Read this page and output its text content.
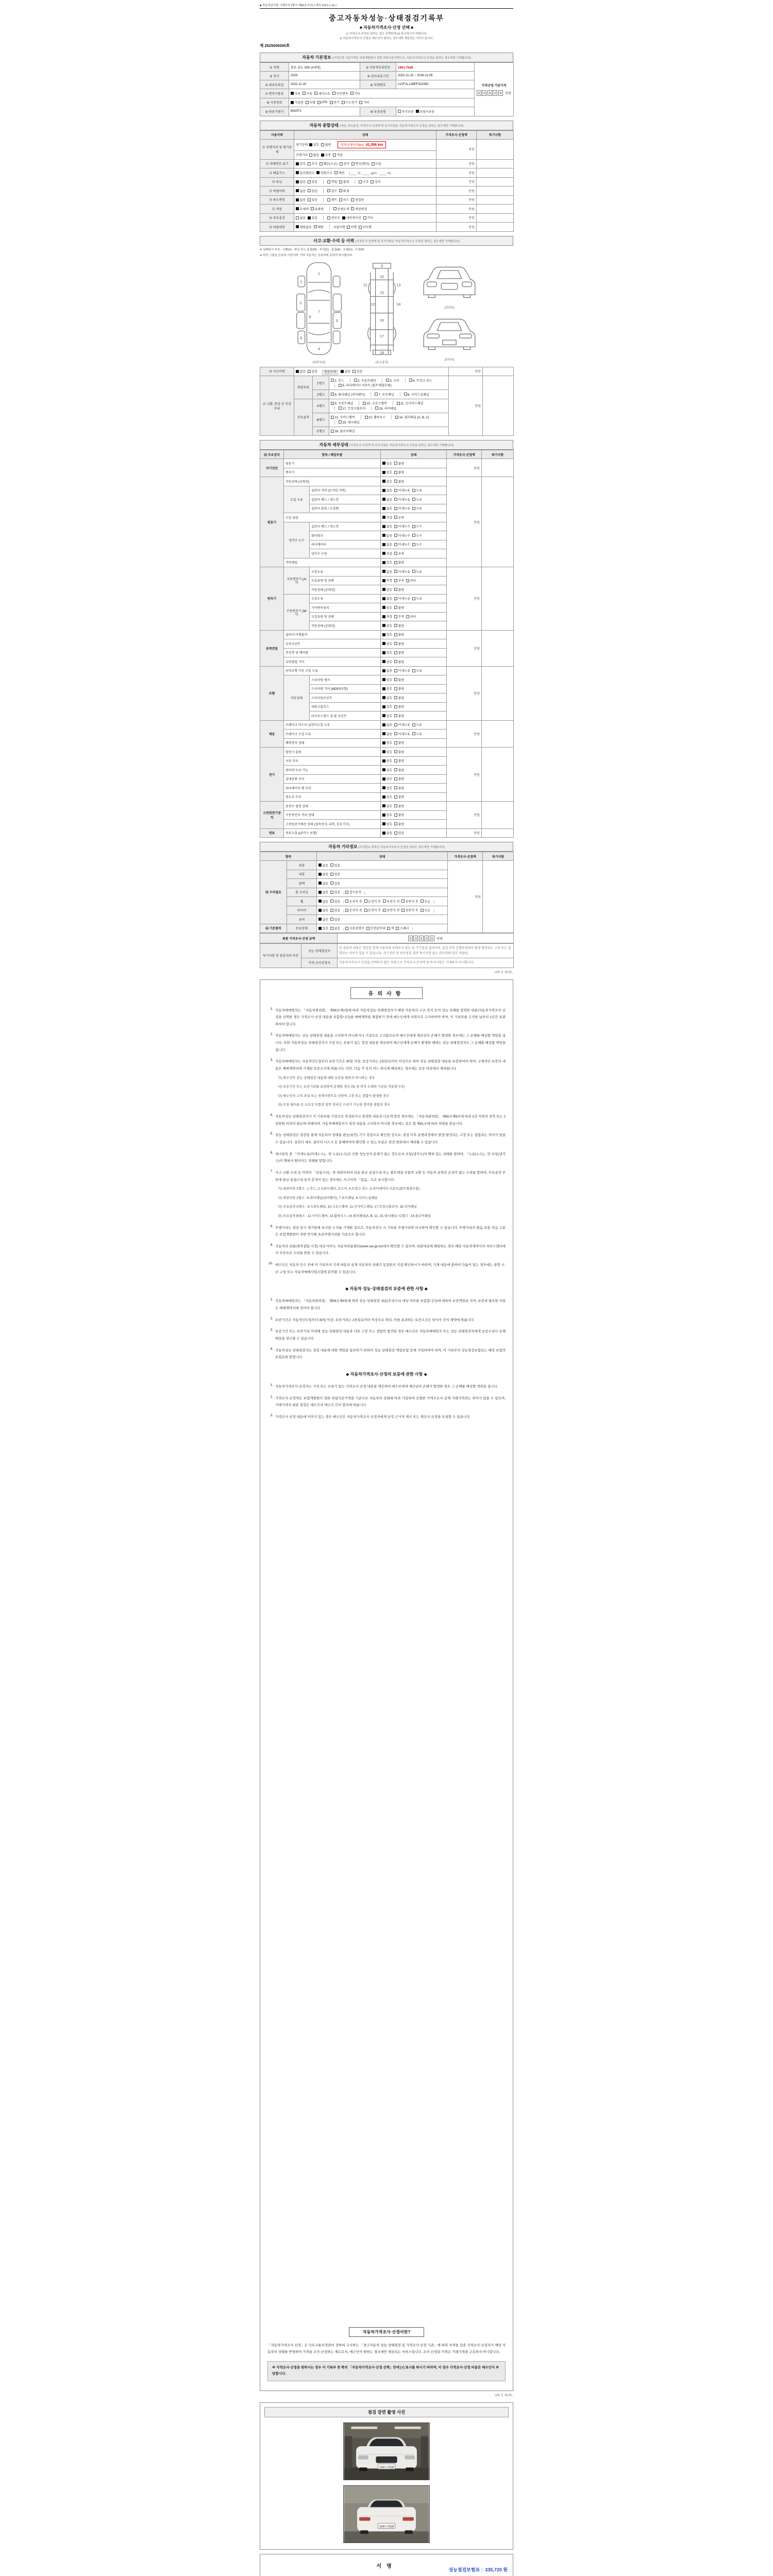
■ 자동차관리법 시행규칙 [별지 제82호서식] <개정 2021.1.19.>
중고자동차성능·상태점검기록부
■ 자동차가격조사·산정 선택 ■
① 가격조사·산정을 원하는 경우 선택란에 [√] 표시하시기 바랍니다.
※ 자동차가격조사·산정은 매수인이 원하는 경우에만 제공되는 서비스입니다.
제 2525008300호
자동차 기본정보 (가격산정 기준가격은 보험개발원이 정한 차량기준가액으로, 자동차가격조사·산정을 원하는 경우에만 기재합니다)
① 차명	볼보 올뉴 S90 (4세대)	② 자동차등록번호	194노7528	
가격산정 기준가격
0	0	0	0	0	만원

③ 연식	2023	④ 검사유효기간	2022-11-10 ~ 2026-11-09	
⑤ 최초등록일	2022-11-10	⑥ 차대번호	LVVF1L12BPF322550	
⑦ 변속기종류	자동 수동 세미오토 무단변속 기타			

⑧ 사용연료	가솔린 디젤 LPG 전기 수소전기 기타

⑨ 원동기형식	B420T2	⑩ 보증유형	자가보증 보험사보증	
자동차 종합상태 (색상, 주요옵션, 가격조사·산정액 및 특기사항은 자동차가격조사·산정을 원하는 경우에만 기재합니다)
사용이력	상태	가격조사·산정액	특기사항
⑪ 주행거리 및 계기상태	계기상태 양호 불량 현재 주행거리(km) 41,056 km	만원	

	주행거리 많음 보통 적음		

⑫ 차대번호 표기	양호 부식 훼손(오손) 상이 변조(변타) 도말	만원	
⑬ 배출가스	일산화탄소 탄화수소 매연 (____ % , ____ ppm , ____ %)	만원	
⑭ 튜닝	없음 있음	적법 불법	구조 장치	만원	
⑮ 특별이력	없음 있음 침수 화재	만원	
⑯ 용도변경	없음 있음 렌트 리스 영업용	만원	
⑰ 색상	무채색 유채색 전체도색 색상변경	만원	
⑱ 주요옵션	없음 있음 썬루프 네비게이션 기타	만원	
⑲ 리콜대상	해당없음 해당 리콜이행 이행 미이행	만원	
사고·교환·수리 등 이력 (가격조사·산정액 및 특기사항은 자동차가격조사·산정을 원하는 경우에만 기재합니다)
※ 상태표시 부호 : 교환(X) · 판금 또는 용접(W) · 부식(C) · 흠집(A) · 요철(U) · 도장(P)
※ 하단 그림은 승용차 기준이며, 기타 자동차는 승용차에 준하여 표시합니다.
1
2
3
3
4
6
7
8
[외판부위]
9
10
11
12
13
14
15
16
17
18
[주요골격]
[전면부]
[후면부]
⑳ 사고이력	없음 있음 단순수리 없음 있음			만원	
㉑ 교환, 판금 등 이상 부위	외판부위	1랭크	1. 후드 2. 프론트펜더 3. 도어 4. 트렁크 리드
5. 라디에이터 서포트 (볼트체결부품)	만원	
		2랭크	6. 쿼터패널 (리어펜더) 7. 루프패널 8. 사이드실패널		

	주요골격	A랭크	9. 프론트패널 10. 크로스멤버 11. 인사이드패널
17. 트렁크플로어 18. 리어패널		

		B랭크	12. 사이드멤버 13. 휠하우스 14. 필러패널 (A, B, C)
15. 대시패널		

		C랭크	16. 플로어패널		
자동차 세부상태 (가격조사·산정액 및 특기사항은 자동차가격조사·산정을 원하는 경우에만 기재합니다)
㉒ 주요장치	항목 / 해당부품		상태	가격조사·산정액	특기사항
자기진단	원동기		양호 불량	만원	
	변속기		양호 불량		

원동기	작동상태 (공회전)		양호 불량	만원	
	오일 누유	실린더 커버 (로커암 커버)	없음 미세누유 누유		

		실린더 헤드 / 개스킷	없음 미세누유 누유		

		실린더 블록 / 오일팬	없음 미세누유 누유		

	오일 유량		적정 부족		

	냉각수 누수	실린더 헤드 / 개스킷	없음 미세누수 누수		

		워터펌프	없음 미세누수 누수		

		라디에이터	없음 미세누수 누수		

		냉각수 수량	적정 부족		

	커먼레일		양호 불량		

변속기	자동변속기 (A/T)	오일누유	없음 미세누유 누유	만원	
		오일유량 및 상태	적정 부족 과다		

		작동상태 (공회전)	양호 불량		

	수동변속기 (M/T)	오일누유	없음 미세누유 누유		

		기어변속장치	양호 불량		

		오일유량 및 상태	적정 부족 과다		

		작동상태 (공회전)	양호 불량		

동력전달	클러치 어셈블리		양호 불량	만원	
	등속조인트		양호 불량		

	추진축 및 베어링		양호 불량		

	디퍼렌셜 기어		양호 불량		

조향	동력조향 작동 오일 누유		없음 미세누유 누유	만원	
	작동상태	스티어링 펌프	양호 불량		

		스티어링 기어 (MDPS포함)	양호 불량		

		스티어링조인트	양호 불량		

		파워고압호스	양호 불량		

		타이로드엔드 및 볼 조인트	양호 불량		

제동	브레이크 마스터 실린더오일 누유		없음 미세누유 누유	만원	
	브레이크 오일 누유		없음 미세누유 누유		

	배력장치 상태		양호 불량		

전기	발전기 출력		양호 불량	만원	
	시동 모터		양호 불량		

	와이퍼 모터 기능		양호 불량		

	실내송풍 모터		양호 불량		

	라디에이터 팬 모터		양호 불량		

	윈도우 모터		양호 불량		

고전원전기장치	충전구 절연 상태		양호 불량	만원	
	구동축전지 격리 상태		양호 불량		

	고전원전기배선 상태 (접속단자, 피복, 보호기구)		양호 불량		

연료	연료누출 (LP가스 포함)		없음 있음	만원	
자동차 기타정보 (수리필요 항목은 자동차가격조사·산정을 원하는 경우에만 기재합니다)
항목		상태	가격조사·산정액	특기사항
㉓ 수리필요	외장	없음 있음	만원	
	내장	없음 있음		

	광택	없음 있음		

	룸 크리닝	없음 있음 ( 침수흔적 )		
휠	없음 있음 ( 운전석 전 운전석 후 동반석 전 동반석 후 응급 )
타이어	없음 있음 ( 운전석 전 운전석 후 동반석 전 동반석 후 응급 )
	유리	없음 있음		

㉔ 기본품목	보유상태	있음 없음 ( 사용설명서 안전삼각대 잭 스패너 )
최종 가격조사·산정 금액	0	0	0	0	0	만원
특기사항 및 점검자의 의견	성능·상태점검자	본 점검의 내용은 점검일 현재 자동차의 상태로서 관능 및 기기점검 결과이며, 점검 이후 운행과정에서 발생·발견되는 고장 또는 결함과는 차이가 있을 수 있습니다. 자기진단 및 육안점검 결과 특이사항 없는 관리상태 양호 차량임.
	가격·조사산정자	자동차가격조사·산정을 선택하지 않은 차량으로 가격조사·산정액 및 특기사항은 기재하지 아니합니다.
(4쪽 중 제1쪽)
유의사항
1. 자동차매매업자는 「자동차관리법」 제58조제1항에 따라 자동차성능·상태점검자가 해당 자동차의 구조·장치 등의 성능·상태를 점검한 내용(자동차가격조사·산정을 선택한 경우 가격조사·산정 내용을 포함합니다)을 매매계약을 체결하기 전에 매수인에게 서면으로 고지하여야 하며, 이 기록부를 고지한 날부터 1년간 보관하여야 합니다.
2. 자동차매매업자는 성능·상태점검 내용을 고지하지 아니하거나 거짓으로 고지함으로써 매수인에게 재산상의 손해가 발생한 경우에는 그 손해를 배상할 책임을 집니다. 또한 자동차성능·상태점검자가 거짓 또는 오류가 있는 점검 내용을 제공하여 매수인에게 손해가 발생한 때에는 성능·상태점검자도 그 손해를 배상할 책임을 집니다.
3. 자동차매매업자는 자동차인도일부터 보증기간은 30일 이상, 보증거리는 2천킬로미터 이상으로 하여 성능·상태점검 내용을 보증하여야 하며, 구체적인 보증의 내용은 매매계약서에 기재된 보증조건에 따릅니다. 다만, 다음 각 목의 어느 하나에 해당하는 경우에는 보증 대상에서 제외됩니다.
가) 매수인이 성능·상태점검 내용에 대한 보증을 원하지 아니하는 경우
나) 보증기간 또는 보증거리를 초과하여 운행한 경우 (둘 중 먼저 도래한 기준을 적용합니다)
다) 매수인의 고의·과실 또는 천재지변으로 인하여 고장 또는 결함이 발생한 경우
라) 오일·필터류 등 소모성 부품과 일반 정비로 수리가 가능한 경미한 결함의 경우
4. 자동차성능·상태점검자가 이 기록부를 거짓으로 작성하거나 점검한 내용과 다르게 알린 경우에는 「자동차관리법」 제80조제6호에 따라 2년 이하의 징역 또는 2천만원 이하의 벌금에 처해지며, 자동차매매업자가 점검 내용을 고지하지 아니한 경우에는 같은 법 제81조에 따라 처벌을 받습니다.
5. 성능·상태점검은 점검일 현재 자동차의 상태를 관능(육안)·기기 점검으로 확인한 것으로, 점검 이후 운행과정에서 발생·발견되는 고장 또는 결함과는 차이가 있을 수 있습니다. 실린더 내부, 클러치 디스크 등 분해하여야 확인할 수 있는 부분은 점검 범위에서 제외될 수 있습니다.
6. 체크항목 중 「미세누유(미세누수)」란 누유(누수)로 인한 성능상의 문제가 없는 정도로서 오일(냉각수)이 맺혀 있는 상태를 말하며, 「누유(누수)」란 오일(냉각수)이 맺혀서 떨어지는 상태를 말합니다.
7. 사고·교환·수리 등 이력의 「단순수리」란 외판부위의 단순 판금·용접수리 또는 볼트체결 부품의 교환 등 자동차 골격의 손상이 없는 수리를 말하며, 주요골격 부위에 판금·용접수리 등의 흔적이 있는 경우에는 사고이력 「있음」으로 표시합니다.
가) 외판부위 1랭크 : 1.후드, 2.프론트펜더, 3.도어, 4.트렁크 리드, 5.라디에이터 서포트(볼트체결부품)
나) 외판부위 2랭크 : 6.쿼터패널(리어펜더), 7.루프패널, 8.사이드실패널
다) 주요골격 A랭크 : 9.프론트패널, 10.크로스멤버, 11.인사이드패널, 17.트렁크플로어, 18.리어패널
라) 주요골격 B랭크 : 12.사이드멤버, 13.휠하우스, 14.필러패널(A, B, C), 15.대시패널 / C랭크 : 16.플로어패널
8. 주행거리는 점검 당시 계기판에 표시된 수치를 기재한 것으로, 자동차검사 시 기록된 주행거리와 비교하여 확인할 수 있습니다. 주행거리의 많음·보통·적음 구분은 보험개발원이 정한 연식별 표준주행거리를 기준으로 합니다.
9. 자동차의 리콜(제작결함 시정) 대상 여부는 자동차리콜센터(www.car.go.kr)에서 확인할 수 있으며, 리콜대상에 해당하는 경우 해당 자동차제작사의 서비스센터에서 무상으로 수리를 받을 수 있습니다.
10. 매수인은 자동차 인수 전에 이 기록부의 기재 내용과 실제 자동차의 상태가 동일한지 직접 확인하시기 바라며, 기재 내용에 관하여 다툼이 있는 경우에는 관할 시·군·구청 또는 자동차매매사업조합에 문의할 수 있습니다.
◆ 자동차 성능·상태점검의 보증에 관한 사항 ◆
1. 자동차매매업자는 「자동차관리법」 제58조제4항에 따라 성능·상태점검 내용(무상수리 대상 여부를 포함합니다)에 대하여 보증책임을 지며, 보증에 필요한 사항은 매매계약서에 적어야 합니다.
2. 보증기간은 자동차인도일부터 30일 이상, 보증거리는 2천킬로미터 이상으로 하되, 이를 초과하는 보증조건은 당사자 간의 계약에 따릅니다.
3. 보증기간 또는 보증거리 이내에 성능·상태점검 내용과 다른 고장 또는 결함이 발견된 경우 매수인은 자동차매매업자 또는 성능·상태점검자에게 보증수리나 손해배상을 청구할 수 있습니다.
4. 자동차성능·상태점검자는 점검 내용에 대한 책임을 담보하기 위하여 성능·상태점검 책임보험 등에 가입하여야 하며, 이 기록부의 성능점검보험료는 해당 보험의 보험료를 말합니다.
◆ 자동차가격조사·산정의 보증에 관한 사항 ◆
1. 자동차가격조사·산정자는 거짓 또는 오류가 있는 가격조사·산정 내용을 제공하여 매수인에게 재산상의 손해가 발생한 경우 그 손해를 배상할 책임을 집니다.
2. 가격조사·산정액은 보험개발원이 정한 차량기준가액을 기준으로 자동차의 상태에 따라 가감하여 산출한 가액으로서 실제 거래가격과는 차이가 있을 수 있으며, 거래가격의 최종 결정은 매도인과 매수인 간의 합의에 따릅니다.
3. 가격조사·산정 내용에 이의가 있는 경우 매수인은 자동차가격조사·산정자에게 산정 근거의 제시 또는 재조사·산정을 요청할 수 있습니다.
자동차가격조사·산정이란?
「자동차가격조사·산정」은 국토교통부장관이 정하여 고시하는 「중고자동차 성능·상태점검 및 가격조사·산정 기준」에 따라 자격을 갖춘 가격조사·산정자가 해당 자동차의 상태를 반영하여 가격을 조사·산정하는 제도로서, 매수인이 원하는 경우에만 제공되는 서비스입니다. 조사·산정된 가격은 거래가격을 구속하지 아니합니다.
※ 가격조사·산정을 원하시는 경우 이 기록부 첫 쪽의 「자동차가격조사·산정 선택」란에 [√] 표시를 하시기 바라며, 이 경우 가격조사·산정 비용은 매수인이 부담합니다.
(4쪽 중 제2쪽)
점검 장면 촬영 사진
194노7528
194노7528
서명
성능점검보험료 : 335,720 원
